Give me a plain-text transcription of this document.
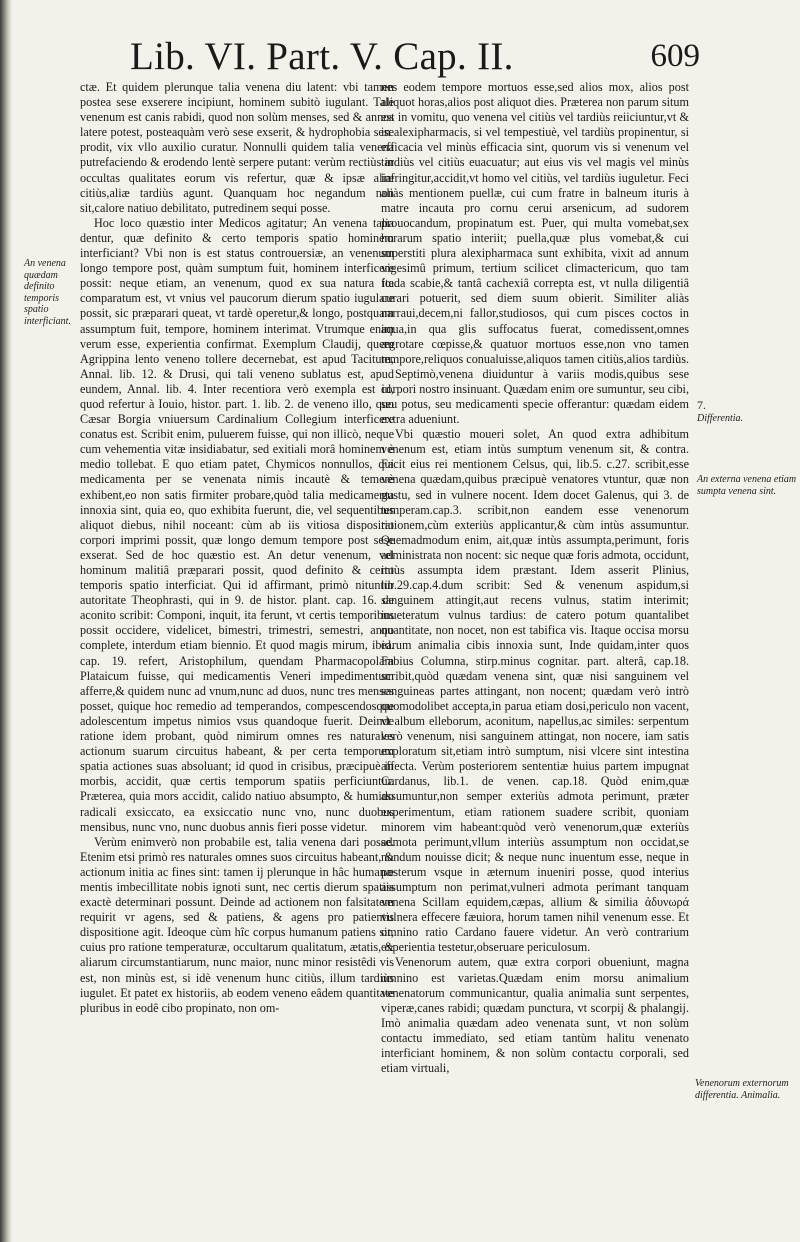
Lib. VI. Part. V. Cap. II.	609
An venena quædam definito temporis spatio interficiant.
7.
Differentia.
An externa venena etiam sumpta venena sint.
Venenorum externorum differentia. Animalia.

ctæ. Et quidem plerunque talia venena diu latent: vbi tamen postea sese exserere incipiunt, hominem subitò iugulant. Tale venenum est canis rabidi, quod non solùm menses, sed & annos latere potest, posteaquàm verò sese exserit, & hydrophobia sese prodit, vix vllo auxilio curatur. Nonnulli quidem talia venena putrefaciendo & erodendo lentè serpere putant: verùm rectiùs in occultas qualitates eorum vis refertur, quæ & ipsæ aliæ citiùs,aliæ tardiùs agunt. Quanquam hoc negandum non sit,calore natiuo debilitato, putredinem sequi posse.

Hoc loco quæstio inter Medicos agitatur; An venena talia dentur, quæ definito & certo temporis spatio hominem interficiant? Vbi non is est status controuersiæ, an venenum longo tempore post, quàm sumptum fuit, hominem interficere possit: neque etiam, an venenum, quod ex sua natura ita comparatum est, vt vnius vel paucorum dierum spatio iugulare possit, sic præparari queat, vt tardè operetur,& longo, postquam assumptum fuit, tempore, hominem interimat. Vtrumque enim verum esse, experientia confirmat. Exemplum Claudij, quem Agrippina lento veneno tollere decernebat, est apud Tacitum, Annal. lib. 12. & Drusi, qui tali veneno sublatus est, apud eundem, Annal. lib. 4. Inter recentiora verò exempla est id, quod refertur à Iouio, histor. part. 1. lib. 2. de veneno illo, quo Cæsar Borgia vniuersum Cardinalium Collegium interficere conatus est. Scribit enim, puluerem fuisse, qui non illicò, neque cum vehementia vitæ insidiabatur, sed exitiali morâ hominem è medio tollebat. E quo etiam patet, Chymicos nonnullos, qui medicamenta per se venenata nimis incautè & temerè exhibent,eo non satis firmiter probare,quòd talia medicamenta innoxia sint, quia eo, quo exhibita fuerunt, die, vel sequentibus aliquot diebus, nihil noceant: cùm ab iis vitiosa dispositio corpori imprimi possit, quæ longo demum tempore post sese exserat. Sed de hoc quæstio est. An detur venenum, vel hominum malitiâ præparari possit, quod definito & certo temporis spatio interficiat. Qui id affirmant, primò nituntur autoritate Theophrasti, qui in 9. de histor. plant. cap. 16. de aconito scribit: Componi, inquit, ita ferunt, vt certis temporibus possit occidere, videlicet, bimestri, trimestri, semestri, anno complete, interdum etiam biennio. Et quod magis mirum, ibid. cap. 19. refert, Aristophilum, quendam Pharmacopolam Plataicum fuisse, qui medicamentis Veneri impedimentum afferre,& quidem nunc ad vnum,nunc ad duos, nunc tres menses posset, quique hoc remedio ad temperandos, compescendosque adolescentum impetus nimios vsus quandoque fuerit. Deinde ratione idem probant, quòd nimirum omnes res naturales actionum suarum circuitus habeant, & per certa temporum spatia actiones suas absoluant; id quod in crisibus, præcipuè in morbis, accidit, quæ certis temporum spatiis perficiuntur. Præterea, quia mors accidit, calido natiuo absumpto, & humido radicali exsiccato, ea exsiccatio nunc vno, nunc duobus mensibus, nunc vno, nunc duobus annis fieri posse videtur.

Verùm enimverò non probabile est, talia venena dari posse. Etenim etsi primò res naturales omnes suos circuitus habeant, & actionum initia ac fines sint: tamen ij plerunque in hâc humanæ mentis imbecillitate nobis ignoti sunt, nec certis dierum spatiis exactè determinari possunt. Deinde ad actionem non falsitatem requirit vr agens, sed & patiens, & agens pro patientis dispositione agit. Ideoque cùm hîc corpus humanum patiens sit, cuius pro ratione temperaturæ, occultarum qualitatum, ætatis, & aliarum circumstantiarum, nunc maior, nunc minor resistêdi vis est, non minùs est, si idè venenum hunc citiùs, illum tardiùs iugulet. Et patet ex historiis, ab eodem veneno eâdem quantitate pluribus in eodê cibo propinato, non om-

nes eodem tempore mortuos esse,sed alios mox, alios post aliquot horas,alios post aliquot dies. Præterea non parum situm est in vomitu, quo venena vel citiùs vel tardiùs reiiciuntur,vt & in alexipharmacis, si vel tempestiuè, vel tardiùs propinentur, si efficacia vel minùs efficacia sint, quorum vis si venenum vel tardiùs vel citiùs euacuatur; aut eius vis vel magis vel minùs infringitur,accidit,vt homo vel citiùs, vel tardiùs iuguletur. Feci aliàs mentionem puellæ, cui cum fratre in balneum ituris à matre incauta pro cornu cerui arsenicum, ad sudorem prouocandum, propinatum est. Puer, qui multa vomebat,sex horarum spatio interiit; puella,quæ plus vomebat,& cui superstiti plura alexipharmaca sunt exhibita, vixit ad annum vigesimû primum, tertium scilicet climactericum, quo tam fœda scabie,& tantâ cachexiâ correpta est, vt nulla diligentiâ curari potuerit, sed diem suum obierit. Similiter aliàs narraui,decem,ni fallor,studiosos, qui cum pisces coctos in aqua,in qua glis suffocatus fuerat, comedissent,omnes ægrotare cœpisse,& quatuor mortuos esse,non vno tamen tempore,reliquos conualuisse,aliquos tamen citiùs,alios tardiùs.

Septimò,venena diuiduntur à variis modis,quibus sese corpori nostro insinuant. Quædam enim ore sumuntur, seu cibi, seu potus, seu medicamenti specie offerantur: quædam eidem extra adueniunt.

Vbi quæstio moueri solet, An quod extra adhibitum venenum est, etiam intùs sumptum venenum sit, & contra. Facit eius rei mentionem Celsus, qui, lib.5. c.27. scribit,esse venena quædam,quibus præcipuè venatores vtuntur, quæ non gustu, sed in vulnere nocent. Idem docet Galenus, qui 3. de temperam.cap.3. scribit,non eandem esse venenorum rationem,cùm exteriùs applicantur,& cùm intùs assumuntur. Quemadmodum enim, ait,quæ intùs assumpta,perimunt, foris administrata non nocent: sic neque quæ foris admota, occidunt, intùs assumpta idem præstant. Idem asserit Plinius, lib.29.cap.4.dum scribit: Sed & venenum aspidum,si sanguinem attingit,aut recens vulnus, statim interimit; inueteratum vulnus tardius: de catero potum quantalibet quantitate, non nocet, non est tabifica vis. Itaque occisa morsu earum animalia cibis innoxia sunt, Inde quidam,inter quos Fabius Columna, stirp.minus cognitar. part. alterâ, cap.18. scribit,quòd quædam venena sint, quæ nisi sanguinem vel sanguineas partes attingant, non nocent; quædam verò intrò quomodolibet accepta,in parua etiam dosi,periculo non vacent, vt album elleborum, aconitum, napellus,ac similes: serpentum verò venenum, nisi sanguinem attingat, non nocere, iam satis exploratum sit,etiam intrò sumptum, nisi vlcere sint intestina affecta. Verùm posteriorem sententiæ huius partem impugnat Cardanus, lib.1. de venen. cap.18. Quòd enim,quæ assumuntur,non semper exteriùs admota perimunt, præter experimentum, etiam rationem suadere scribit, quoniam minorem vim habeant:quòd verò venenorum,quæ exteriùs admota perimunt,vllum interiùs assumptum non occidat,se nondum nouisse dicit; & neque nunc inuentum esse, neque in posterum vsque in æternum inueniri posse, quod interius assumptum non perimat,vulneri admota perimant tanquam venena Scillam equidem,cæpas, allium & similia ἀδυνωρά vulnera effecere fæuiora, horum tamen nihil venenum esse. Et omnino ratio Cardano fauere videtur. An verò contrarium experientia testetur,obseruare periculosum.

Venenorum autem, quæ extra corpori obueniunt, magna omnino est varietas.Quædam enim morsu animalium venenatorum communicantur, qualia animalia sunt serpentes, viperæ,canes rabidi; quædam punctura, vt scorpij & phalangij. Imò animalia quædam adeo venenata sunt, vt non solùm contactu immediato, sed etiam tantùm halitu venenato interficiant hominem, & non solùm contactu corporali, sed etiam virtuali,
